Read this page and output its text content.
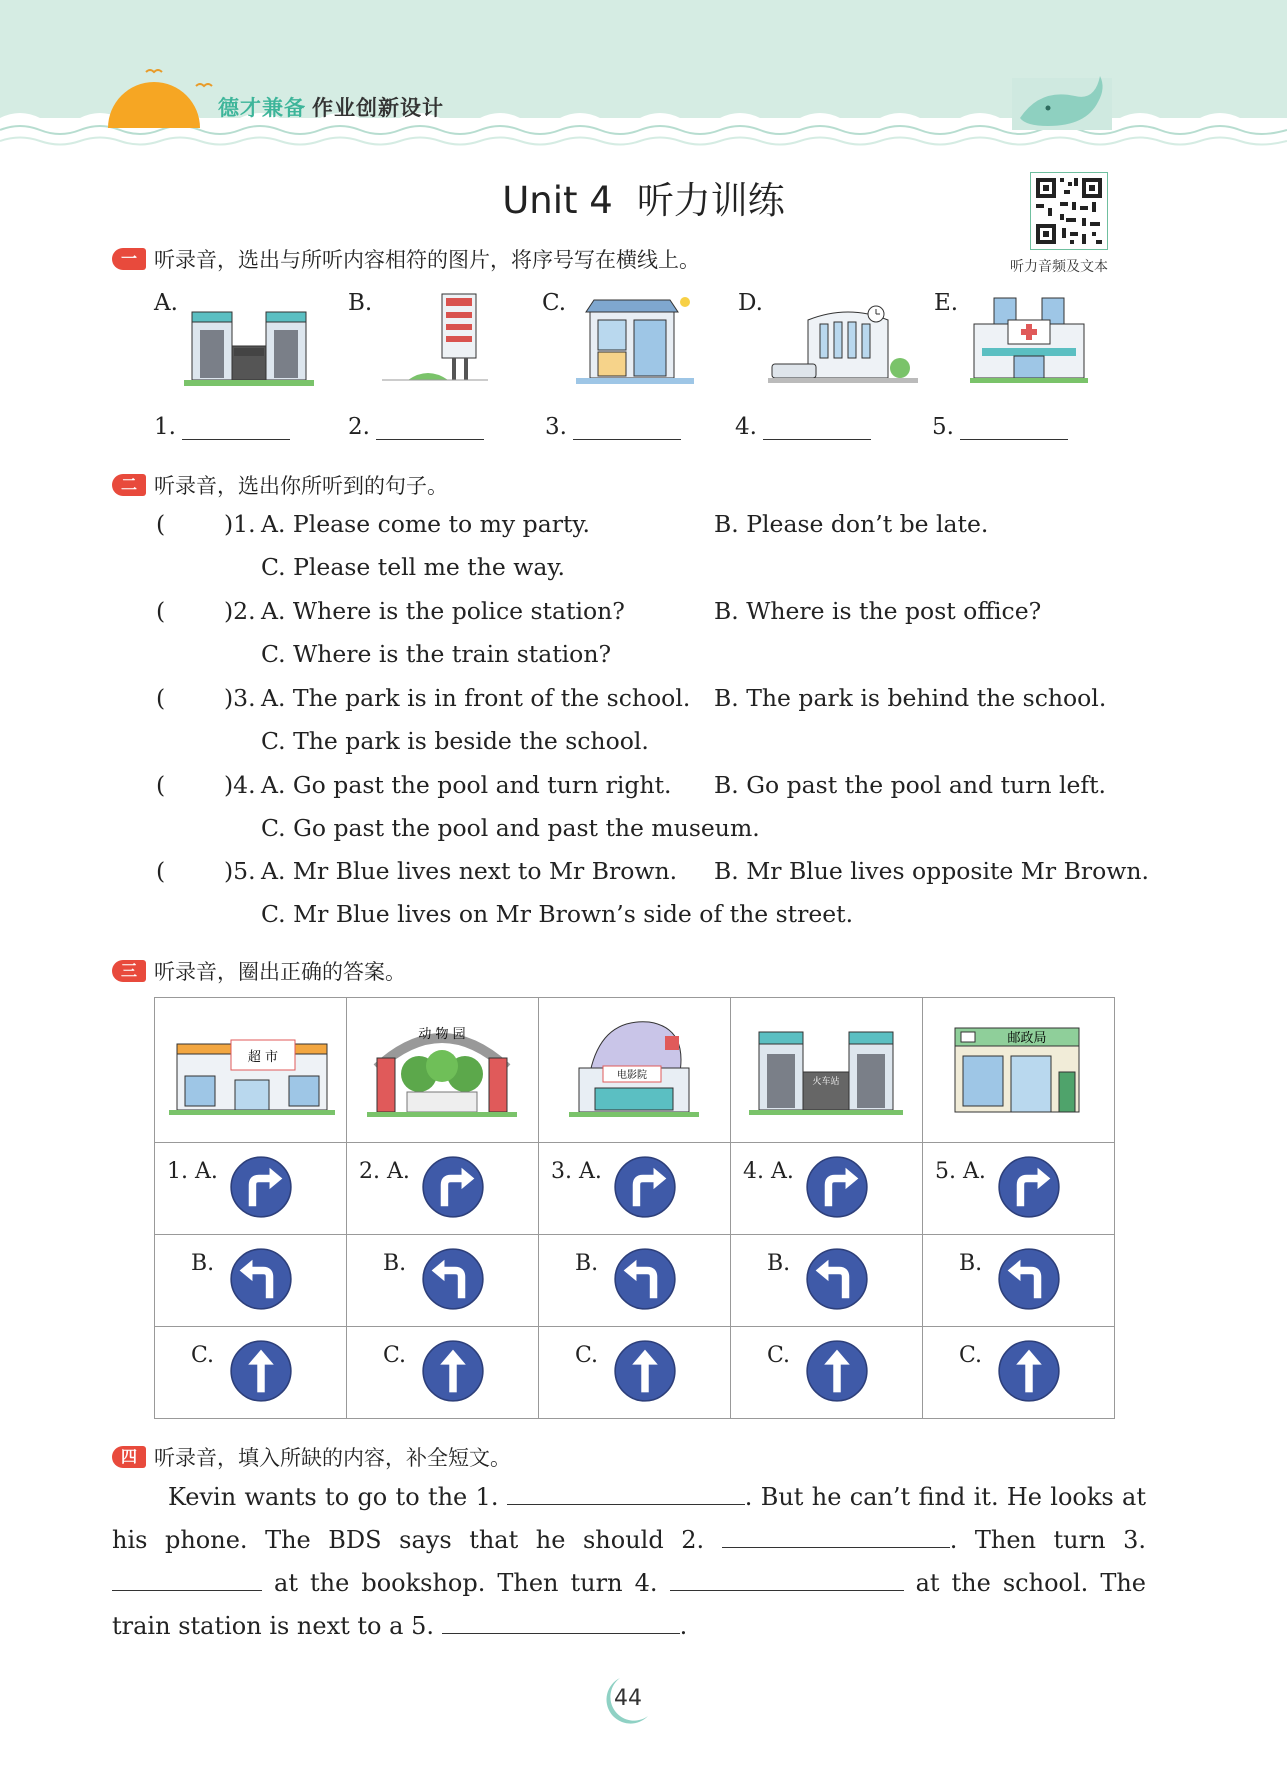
德才兼备 作业创新设计
Unit 4 听力训练
听力音频及文本
一 听录音，选出与所听内容相符的图片，将序号写在横线上。
A.	B.	C.	D.	E.
1.	2.	3.	4.	5.
二 听录音，选出你所听到的句子。
(	)1. A. Please come to my party.	B. Please don’t be late.
C. Please tell me the way.
(	)2. A. Where is the police station?	B. Where is the post office?
C. Where is the train station?
(	)3. A. The park is in front of the school. B. The park is behind the school.
C. The park is beside the school.
(	)4. A. Go past the pool and turn right. B. Go past the pool and turn left.
C. Go past the pool and past the museum.
(	)5. A. Mr Blue lives next to Mr Brown. B. Mr Blue lives opposite Mr Brown.
C. Mr Blue lives on Mr Brown’s side of the street.
三 听录音，圈出正确的答案。
超 市	动 物 园	电影院	火车站	邮政局

1. A.	2. A.	3. A.	4. A.	5. A.

B.	B.	B.	B.	B.

C.	C.	C.	C.	C.
四 听录音，填入所缺的内容，补全短文。
Kevin wants to go to the 1.	. But he can’t find it. He looks at his phone. The BDS says that he should 2.	. Then turn 3.  at the bookshop. Then turn 4.	at the school. The train station is next to a 5.	.
44
